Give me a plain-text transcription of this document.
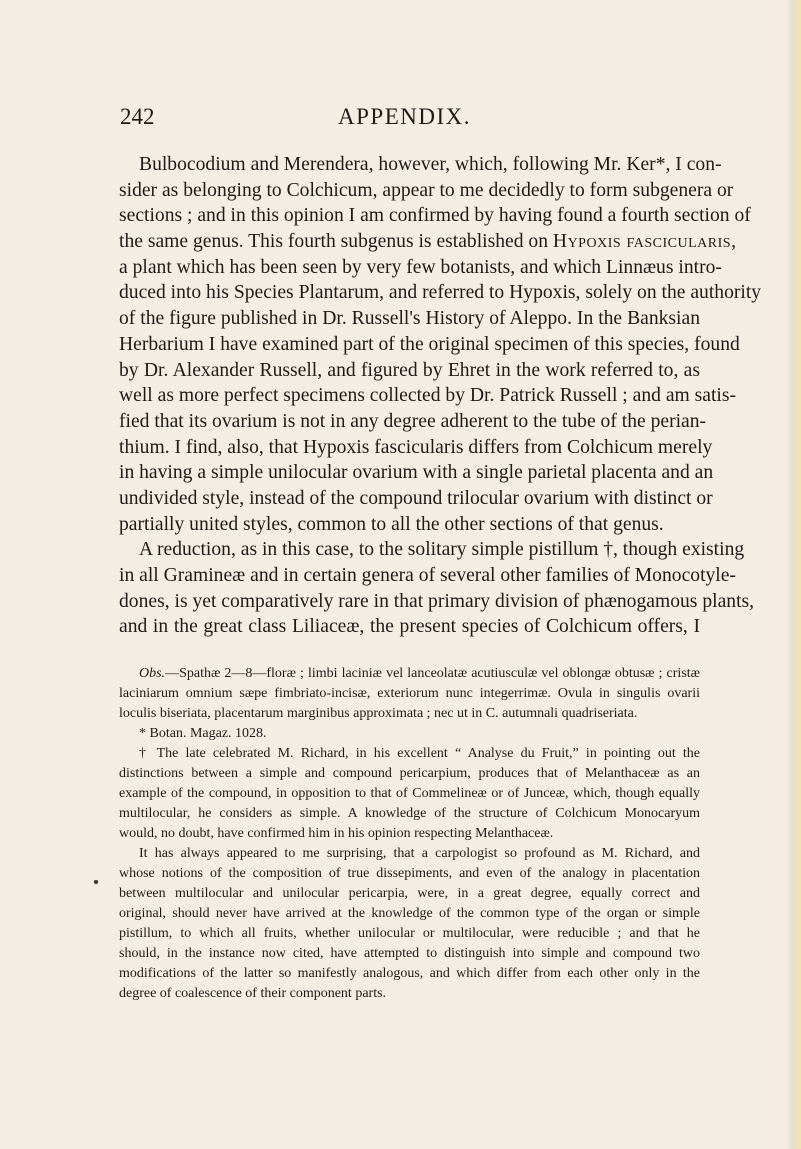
242	APPENDIX.
Bulbocodium and Merendera, however, which, following Mr. Ker*, I con-
sider as belonging to Colchicum, appear to me decidedly to form subgenera or
sections ; and in this opinion I am confirmed by having found a fourth section of
the same genus. This fourth subgenus is established on Hypoxis fascicularis,
a plant which has been seen by very few botanists, and which Linnæus intro-
duced into his Species Plantarum, and referred to Hypoxis, solely on the authority
of the figure published in Dr. Russell's History of Aleppo. In the Banksian
Herbarium I have examined part of the original specimen of this species, found
by Dr. Alexander Russell, and figured by Ehret in the work referred to, as
well as more perfect specimens collected by Dr. Patrick Russell ; and am satis-
fied that its ovarium is not in any degree adherent to the tube of the perian-
thium. I find, also, that Hypoxis fascicularis differs from Colchicum merely
in having a simple unilocular ovarium with a single parietal placenta and an
undivided style, instead of the compound trilocular ovarium with distinct or
partially united styles, common to all the other sections of that genus.
A reduction, as in this case, to the solitary simple pistillum †, though existing
in all Gramineæ and in certain genera of several other families of Monocotyle-
dones, is yet comparatively rare in that primary division of phænogamous plants,
and in the great class Liliaceæ, the present species of Colchicum offers, I
Obs.—Spathæ 2—8—floræ ; limbi laciniæ vel lanceolatæ acutiusculæ vel oblongæ obtusæ ; cristæ
laciniarum omnium sæpe fimbriato-incisæ, exteriorum nunc integerrimæ. Ovula in singulis ovarii
loculis biseriata, placentarum marginibus approximata ; nec ut in C. autumnali quadriseriata.
* Botan. Magaz. 1028.
† The late celebrated M. Richard, in his excellent “ Analyse du Fruit,” in pointing out the
distinctions between a simple and compound pericarpium, produces that of Melanthaceæ as an
example of the compound, in opposition to that of Commelineæ or of Junceæ, which, though equally
multilocular, he considers as simple. A knowledge of the structure of Colchicum Monocaryum
would, no doubt, have confirmed him in his opinion respecting Melanthaceæ.
It has always appeared to me surprising, that a carpologist so profound as M. Richard, and
whose notions of the composition of true dissepiments, and even of the analogy in placentation
between multilocular and unilocular pericarpia, were, in a great degree, equally correct and
original, should never have arrived at the knowledge of the common type of the organ or simple
pistillum, to which all fruits, whether unilocular or multilocular, were reducible ; and that he
should, in the instance now cited, have attempted to distinguish into simple and compound two
modifications of the latter so manifestly analogous, and which differ from each other only in the
degree of coalescence of their component parts.
